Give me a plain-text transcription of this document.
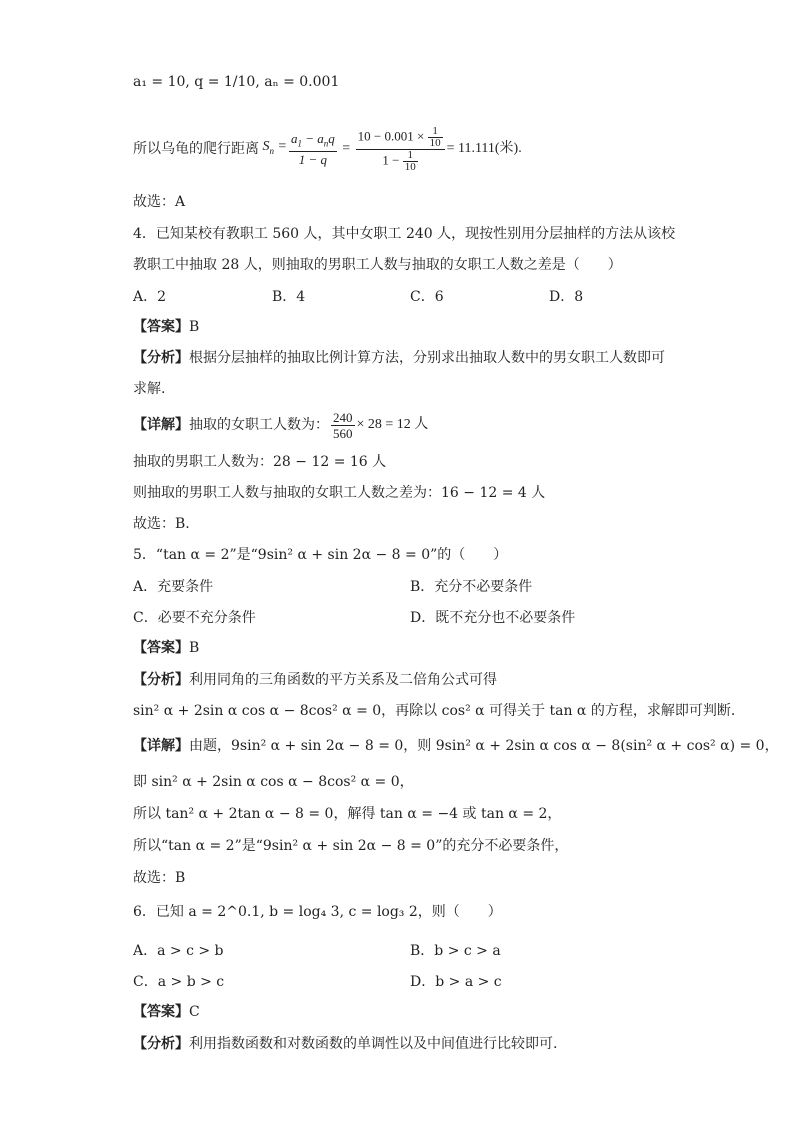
a₁ = 10, q = 1/10, aₙ = 0.001
所以乌龟的爬行距离 $S_n = \frac{a_1 - a_nq}{1 - q} = \frac{10 - 0.001 \times \frac{1}{10}}{1 - \frac{1}{10}} = 11.111$(米).
故选：A
4．已知某校有教职工 560 人，其中女职工 240 人，现按性别用分层抽样的方法从该校
教职工中抽取 28 人，则抽取的男职工人数与抽取的女职工人数之差是（　　）
A．2	B．4	C．6	D．8
【答案】B
【分析】根据分层抽样的抽取比例计算方法，分别求出抽取人数中的男女职工人数即可
求解.
【详解】 抽取的女职工人数为： $\frac{240}{560} \times 28 = 12$ 人
抽取的男职工人数为：28 − 12 = 16 人
则抽取的男职工人数与抽取的女职工人数之差为：16 − 12 = 4 人
故选：B.
5．“tan α = 2”是“9sin² α + sin 2α − 8 = 0”的（　　）
A．充要条件	B．充分不必要条件
C．必要不充分条件	D．既不充分也不必要条件
【答案】B
【分析】利用同角的三角函数的平方关系及二倍角公式可得
sin² α + 2sin α cos α − 8cos² α = 0，再除以 cos² α 可得关于 tan α 的方程，求解即可判断.
【详解】由题，9sin² α + sin 2α − 8 = 0，则 9sin² α + 2sin α cos α − 8(sin² α + cos² α) = 0，
即 sin² α + 2sin α cos α − 8cos² α = 0，
所以 tan² α + 2tan α − 8 = 0，解得 tan α = −4 或 tan α = 2，
所以“tan α = 2”是“9sin² α + sin 2α − 8 = 0”的充分不必要条件，
故选：B
6．已知 a = 2^0.1, b = log₄ 3, c = log₃ 2，则（　　）
A．a > c > b	B．b > c > a
C．a > b > c	D．b > a > c
【答案】C
【分析】利用指数函数和对数函数的单调性以及中间值进行比较即可.
